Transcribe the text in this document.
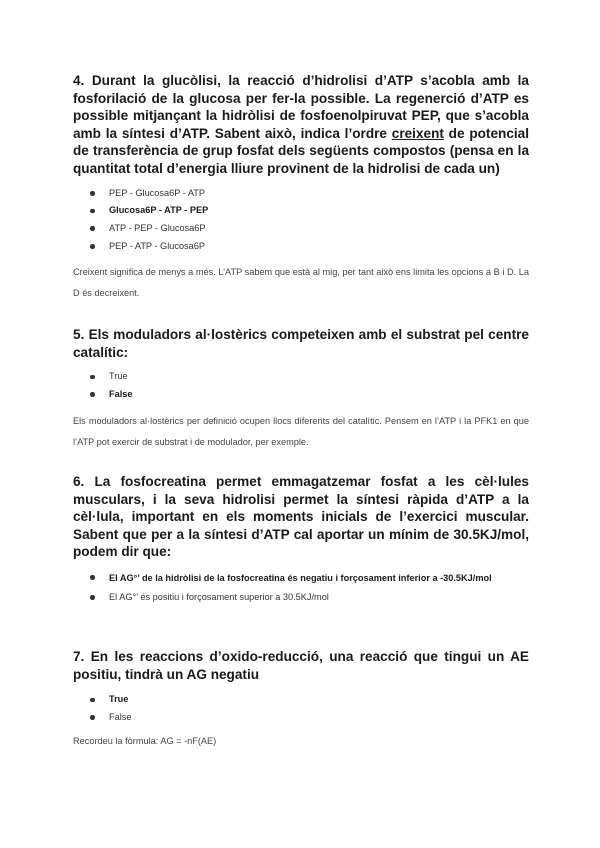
4. Durant la glucòlisi, la reacció d’hidrolisi d’ATP s’acobla amb la fosforilació de la glucosa per fer-la possible. La regenerció d’ATP es possible mitjançant la hidròlisi de fosfoenolpiruvat PEP, que s’acobla amb la síntesi d’ATP. Sabent això, indica l’ordre creixent de potencial de transferència de grup fosfat dels següents compostos (pensa en la quantitat total d’energia lliure provinent de la hidrolisi de cada un)

PEP - Glucosa6P - ATP
Glucosa6P - ATP - PEP
ATP - PEP - Glucosa6P
PEP - ATP - Glucosa6P

Creixent significa de menys a més. L’ATP sabem que està al mig, per tant això ens limita les opcions a B i D. La D és decreixent.

5. Els moduladors al·lostèrics competeixen amb el substrat pel centre catalític:

True
False

Els moduladors al·lostèrics per definició ocupen llocs diferents del catalític. Pensem en l’ATP i la PFK1 en que l’ATP pot exercir de substrat i de modulador, per exemple.

6. La fosfocreatina permet emmagatzemar fosfat a les cèl·lules musculars, i la seva hidrolisi permet la síntesi ràpida d’ATP a la cèl·lula, important en els moments inicials de l’exercici muscular. Sabent que per a la síntesi d’ATP cal aportar un mínim de 30.5KJ/mol, podem dir que:

El AG°’ de la hidròlisi de la fosfocreatina és negatiu i forçosament inferior a -30.5KJ/mol
El AG°’ és positiu i forçosament superior a 30.5KJ/mol

7. En les reaccions d’oxido-reducció, una reacció que tingui un AE positiu, tindrà un AG negatiu

True
False

Recordeu la fòrmula: AG = -nF(AE)
